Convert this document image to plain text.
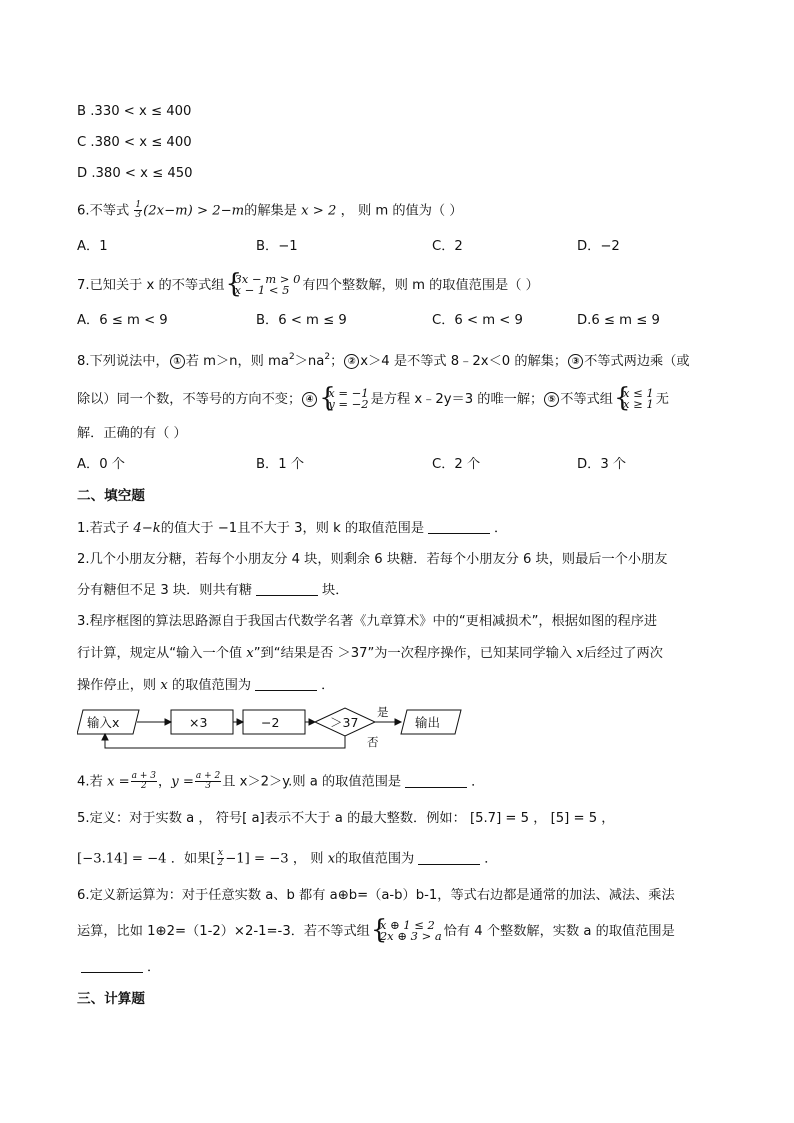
B .330 < x ≤ 400
C .380 < x ≤ 400
D .380 < x ≤ 450
6.不等式 $\frac{1}{3} (2x-m) > 2-m$的解集是 x > 2 ， 则 m 的值为（ ）
A．1	B．−1	C．2	D．−2
7.已知关于 x 的不等式组 { 3x − m > 0
x − 1 < 5 有四个整数解，则 m 的取值范围是（ ）
A．6 ≤ m < 9	B．6 < m ≤ 9	C．6 < m < 9	D.6 ≤ m ≤ 9
8.下列说法中， ① 若 m＞n，则 $ma^2>na^2$； ② x＞4 是不等式 8﹣2x＜0 的解集； ③ 不等式两边乘（或
除以）同一个数，不等号的方向不变； ④ { x = −1
y = −2 是方程 x﹣2y＝3 的唯一解； ⑤ 不等式组 { x ≤ 1
x ≥ 1 无
解．正确的有（ ）
A．0 个	B．1 个	C．2 个	D．3 个
二、填空题
1.若式子 4−k的值大于 −1且不大于 3，则 k 的取值范围是	．
2.几个小朋友分糖，若每个小朋友分 4 块，则剩余 6 块糖．若每个小朋友分 6 块，则最后一个小朋友
分有糖但不足 3 块．则共有糖	块．
3.程序框图的算法思路源自于我国古代数学名著《九章算术》中的“更相减损术”，根据如图的程序进
行计算，规定从“输入一个值 x”到“结果是否 ＞37”为一次程序操作，已知某同学输入 x后经过了两次
操作停止，则 x 的取值范围为	．
输入x	×3	−2	＞37
是
输出
否
4.若 $x = \frac{a + 3}{2}$ ，$y = \frac{a + 2}{3}$ 且 x＞2＞y.则 a 的取值范围是	．
5.定义：对于实数 a ， 符号[ a]表示不大于 a 的最大整数．例如： [5.7] = 5 ， [5] = 5 ，
[−3.14] = −4 ．如果[ $\frac{x}{2} -1] = -3$ ， 则 x的取值范围为	．
6.定义新运算为：对于任意实数 a、b 都有 a⊕b=（a-b）b-1，等式右边都是通常的加法、减法、乘法
运算，比如 1⊕2=（1-2）×2-1=-3．若不等式组 { x ⊕ 1 ≤ 2
2x ⊕ 3 > a 恰有 4 个整数解，实数 a 的取值范围是
．
三、计算题
